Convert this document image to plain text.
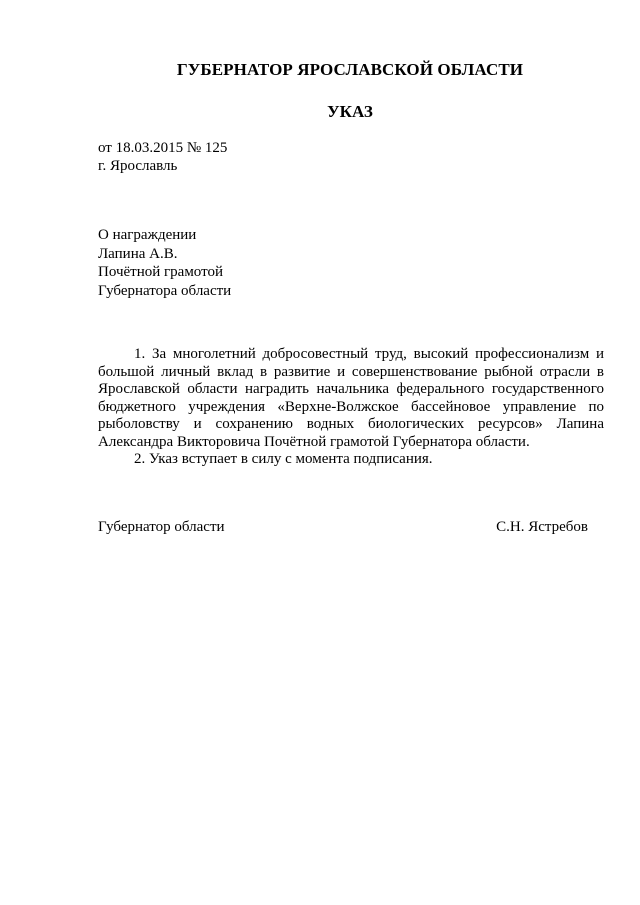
ГУБЕРНАТОР ЯРОСЛАВСКОЙ ОБЛАСТИ
УКАЗ
от 18.03.2015 № 125
г. Ярославль
О награждении
Лапина А.В.
Почётной грамотой
Губернатора области

1. За многолетний добросовестный труд, высокий профессионализм и большой личный вклад в развитие и совершенствование рыбной отрасли в Ярославской области наградить начальника федерального государственного бюджетного учреждения «Верхне-Волжское бассейновое управление по рыболовству и сохранению водных биологических ресурсов» Лапина Александра Викторовича Почётной грамотой Губернатора области.

2. Указ вступает в силу с момента подписания.

Губернатор области	С.Н. Ястребов
